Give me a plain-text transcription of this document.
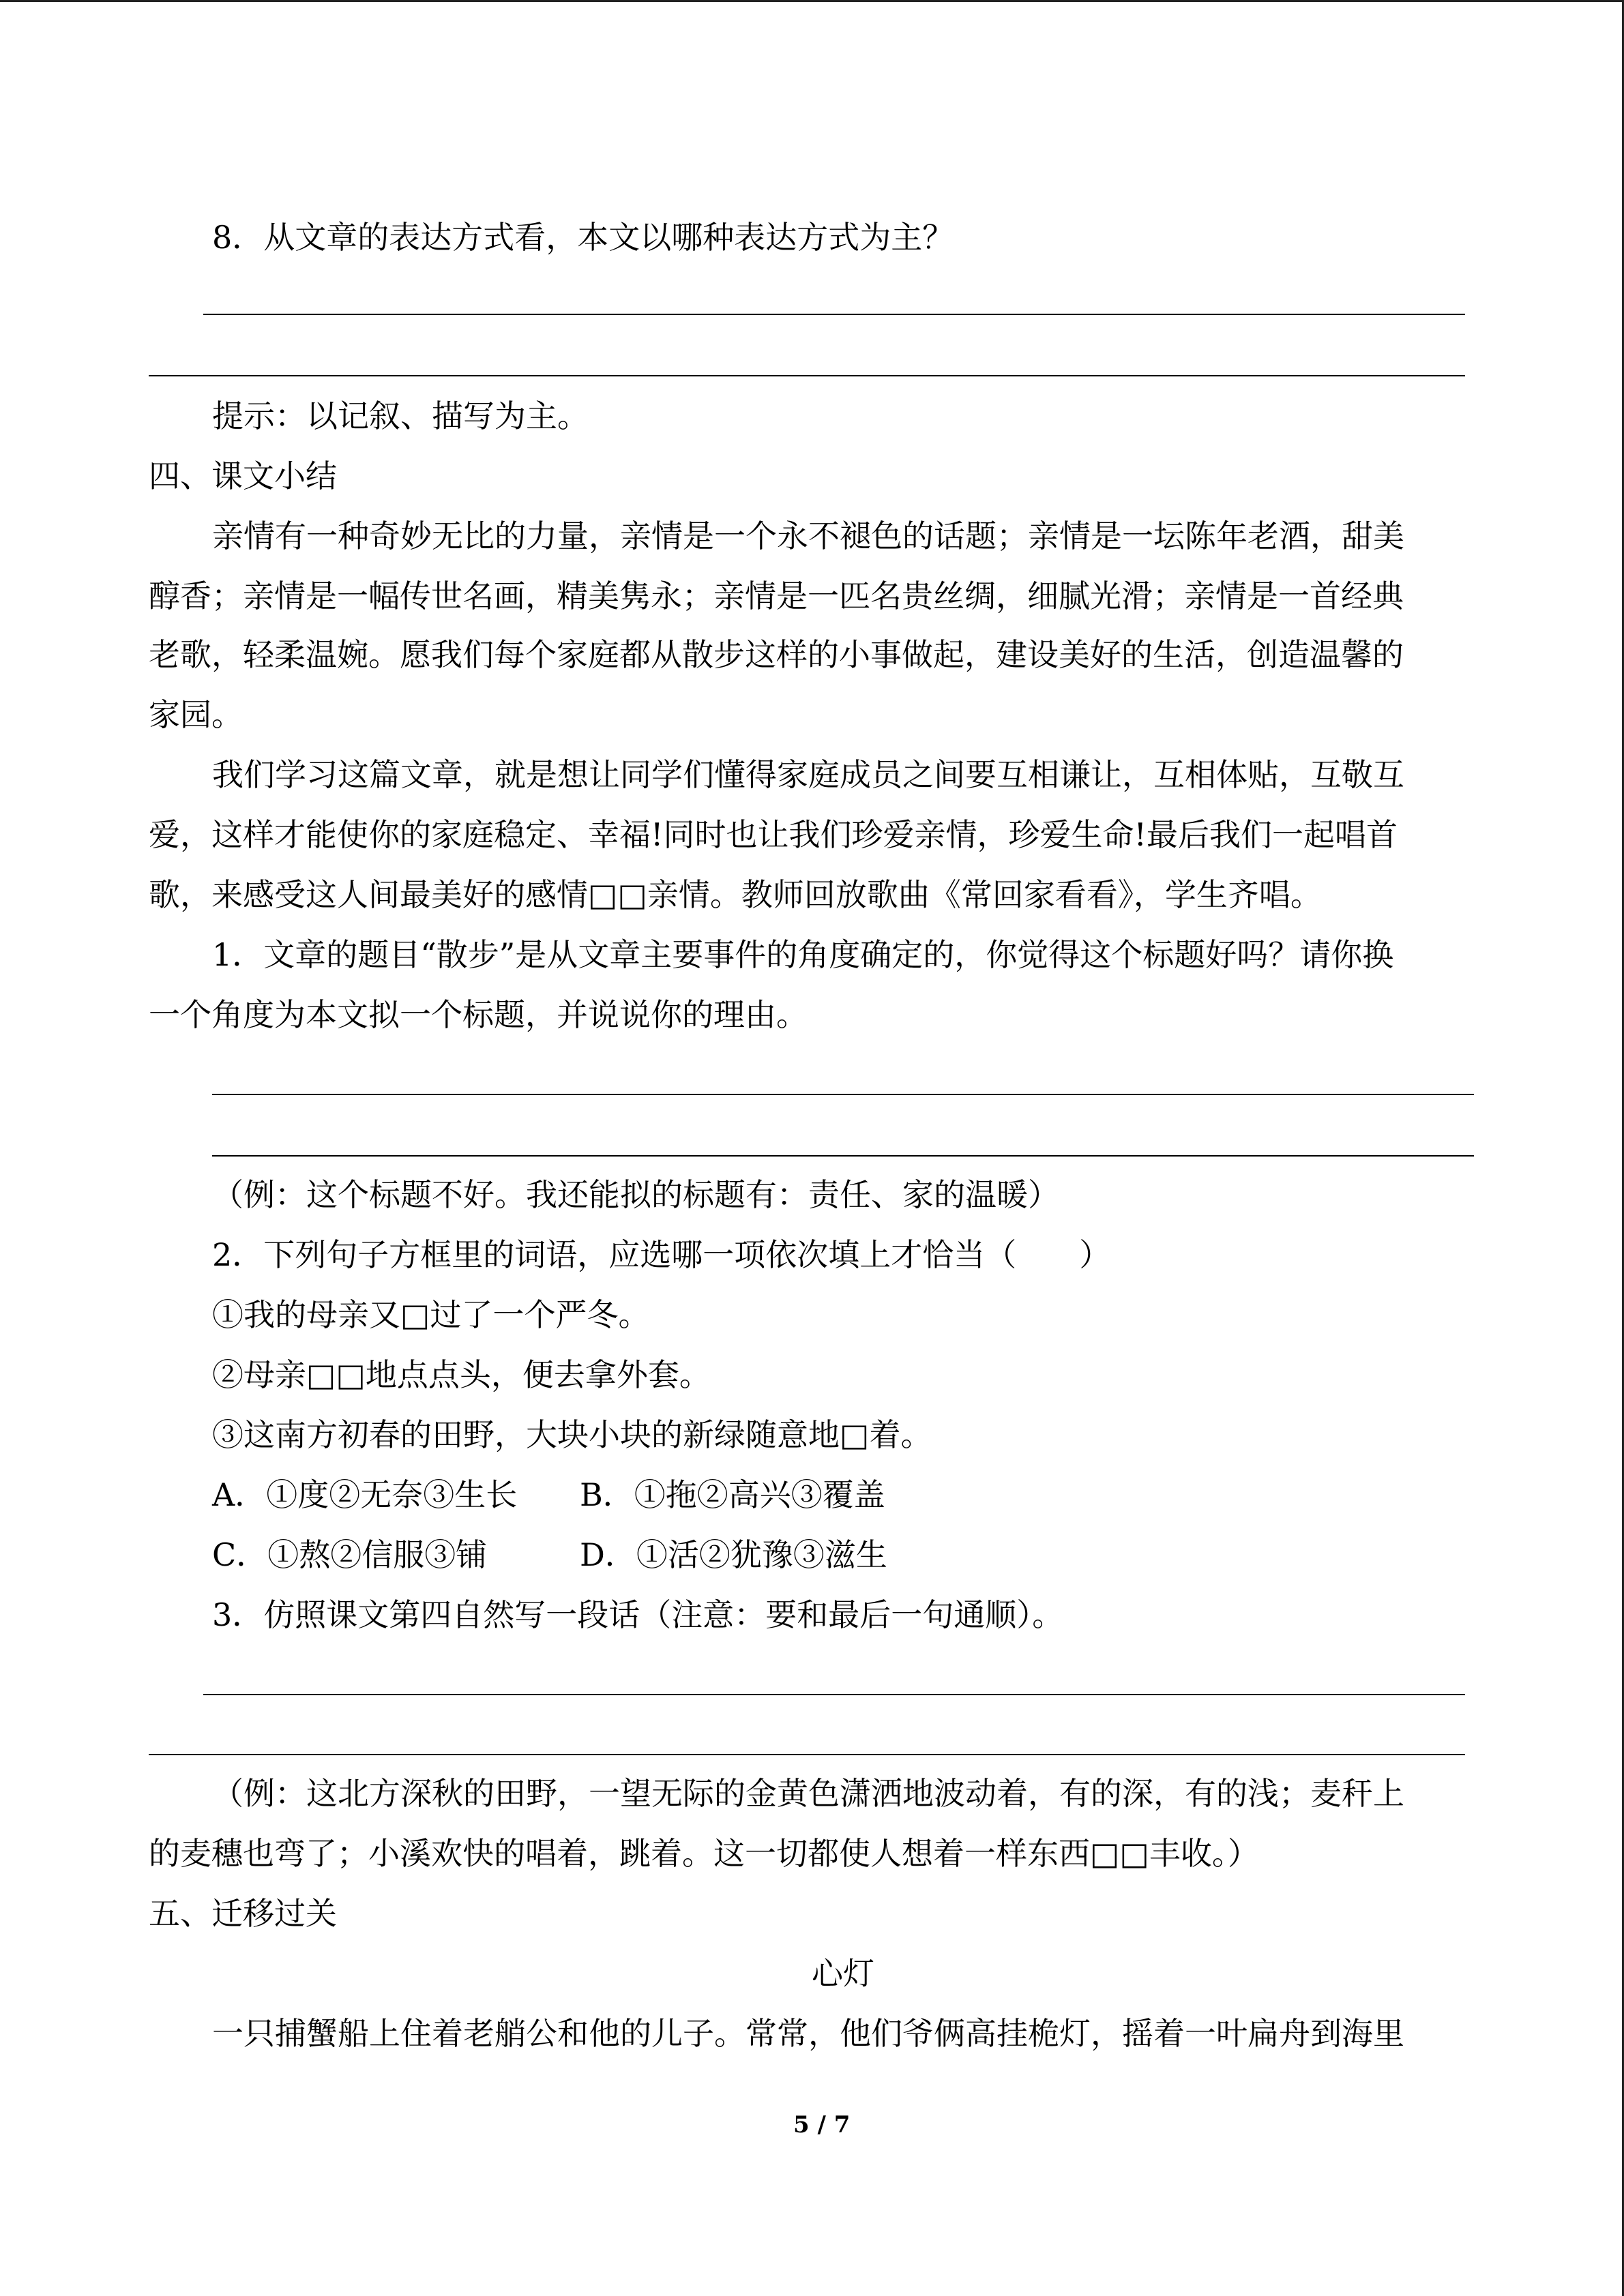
8．从文章的表达方式看，本文以哪种表达方式为主？
提示：以记叙、描写为主。
四、课文小结
亲情有一种奇妙无比的力量，亲情是一个永不褪色的话题；亲情是一坛陈年老酒，甜美
醇香；亲情是一幅传世名画，精美隽永；亲情是一匹名贵丝绸，细腻光滑；亲情是一首经典
老歌，轻柔温婉。愿我们每个家庭都从散步这样的小事做起，建设美好的生活，创造温馨的
家园。
我们学习这篇文章，就是想让同学们懂得家庭成员之间要互相谦让，互相体贴，互敬互
爱，这样才能使你的家庭稳定、幸福!同时也让我们珍爱亲情，珍爱生命!最后我们一起唱首
歌，来感受这人间最美好的感情□□亲情。教师回放歌曲《常回家看看》，学生齐唱。
1．文章的题目“散步”是从文章主要事件的角度确定的，你觉得这个标题好吗？请你换
一个角度为本文拟一个标题，并说说你的理由。
（例：这个标题不好。我还能拟的标题有：责任、家的温暖）
2．下列句子方框里的词语，应选哪一项依次填上才恰当（　　）
①我的母亲又□过了一个严冬。
②母亲□□地点点头，便去拿外套。
③这南方初春的田野，大块小块的新绿随意地□着。
A．①度②无奈③生长 B．①拖②高兴③覆盖
C．①熬②信服③铺	D．①活②犹豫③滋生
3．仿照课文第四自然写一段话（注意：要和最后一句通顺）。
（例：这北方深秋的田野，一望无际的金黄色潇洒地波动着，有的深，有的浅；麦秆上
的麦穗也弯了；小溪欢快的唱着，跳着。这一切都使人想着一样东西□□丰收。）
五、迁移过关
心灯
一只捕蟹船上住着老艄公和他的儿子。常常，他们爷俩高挂桅灯，摇着一叶扁舟到海里
5 / 7
